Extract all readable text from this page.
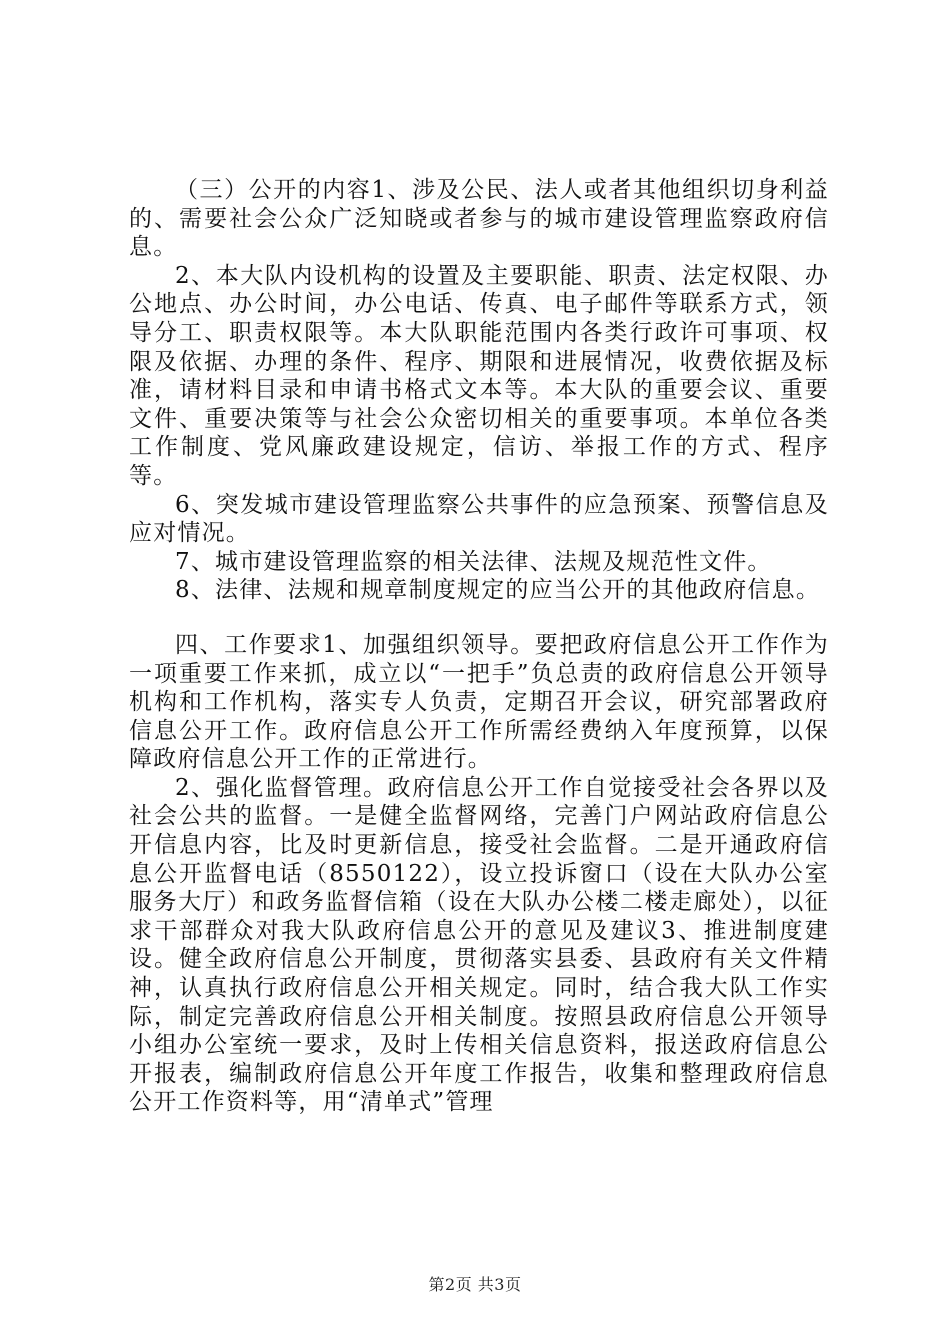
（三）公开的内容1、涉及公民、法人或者其他组织切身利益的、需要社会公众广泛知晓或者参与的城市建设管理监察政府信息。

2、本大队内设机构的设置及主要职能、职责、法定权限、办公地点、办公时间，办公电话、传真、电子邮件等联系方式，领导分工、职责权限等。本大队职能范围内各类行政许可事项、权限及依据、办理的条件、程序、期限和进展情况，收费依据及标准，请材料目录和申请书格式文本等。本大队的重要会议、重要文件、重要决策等与社会公众密切相关的重要事项。本单位各类工作制度、党风廉政建设规定，信访、举报工作的方式、程序等。

6、突发城市建设管理监察公共事件的应急预案、预警信息及应对情况。

7、城市建设管理监察的相关法律、法规及规范性文件。

8、法律、法规和规章制度规定的应当公开的其他政府信息。

四、工作要求1、加强组织领导。要把政府信息公开工作作为一项重要工作来抓，成立以“一把手”负总责的政府信息公开领导机构和工作机构，落实专人负责，定期召开会议，研究部署政府信息公开工作。政府信息公开工作所需经费纳入年度预算，以保障政府信息公开工作的正常进行。

2、强化监督管理。政府信息公开工作自觉接受社会各界以及社会公共的监督。一是健全监督网络，完善门户网站政府信息公开信息内容，比及时更新信息，接受社会监督。二是开通政府信息公开监督电话（8550122），设立投诉窗口（设在大队办公室服务大厅）和政务监督信箱（设在大队办公楼二楼走廊处），以征求干部群众对我大队政府信息公开的意见及建议3、推进制度建设。健全政府信息公开制度，贯彻落实县委、县政府有关文件精神，认真执行政府信息公开相关规定。同时，结合我大队工作实际，制定完善政府信息公开相关制度。按照县政府信息公开领导小组办公室统一要求，及时上传相关信息资料，报送政府信息公开报表，编制政府信息公开年度工作报告，收集和整理政府信息公开工作资料等，用“清单式”管理

第2页 共3页
